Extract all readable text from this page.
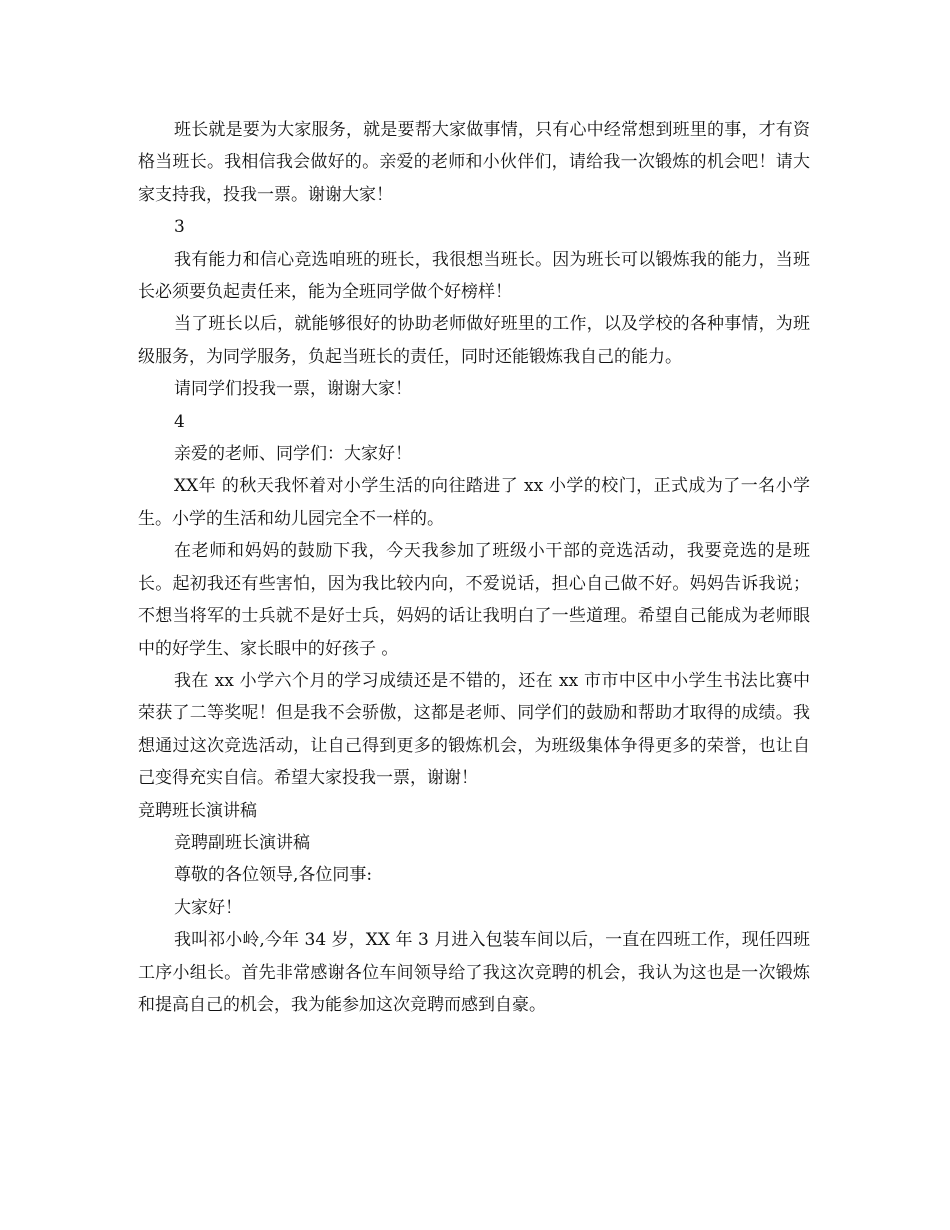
班长就是要为大家服务，就是要帮大家做事情，只有心中经常想到班里的事，才有资格当班长。我相信我会做好的。亲爱的老师和小伙伴们，请给我一次锻炼的机会吧！请大家支持我，投我一票。谢谢大家！

3

我有能力和信心竞选咱班的班长，我很想当班长。因为班长可以锻炼我的能力，当班长必须要负起责任来，能为全班同学做个好榜样！

当了班长以后，就能够很好的协助老师做好班里的工作，以及学校的各种事情，为班级服务，为同学服务，负起当班长的责任，同时还能锻炼我自己的能力。

请同学们投我一票，谢谢大家！

4

亲爱的老师、同学们：大家好！

XX年 的秋天我怀着对小学生活的向往踏进了 xx 小学的校门，正式成为了一名小学生。小学的生活和幼儿园完全不一样的。

在老师和妈妈的鼓励下我，今天我参加了班级小干部的竞选活动，我要竞选的是班长。起初我还有些害怕，因为我比较内向，不爱说话，担心自己做不好。妈妈告诉我说；不想当将军的士兵就不是好士兵，妈妈的话让我明白了一些道理。希望自己能成为老师眼中的好学生、家长眼中的好孩子 。

我在 xx 小学六个月的学习成绩还是不错的，还在 xx 市市中区中小学生书法比赛中荣获了二等奖呢！但是我不会骄傲，这都是老师、同学们的鼓励和帮助才取得的成绩。我想通过这次竞选活动，让自己得到更多的锻炼机会，为班级集体争得更多的荣誉，也让自己变得充实自信。希望大家投我一票，谢谢！

竞聘班长演讲稿

竞聘副班长演讲稿

尊敬的各位领导,各位同事:

大家好！

我叫祁小岭,今年 34 岁，XX 年 3 月进入包装车间以后，一直在四班工作，现任四班工序小组长。首先非常感谢各位车间领导给了我这次竞聘的机会，我认为这也是一次锻炼和提高自己的机会，我为能参加这次竞聘而感到自豪。
